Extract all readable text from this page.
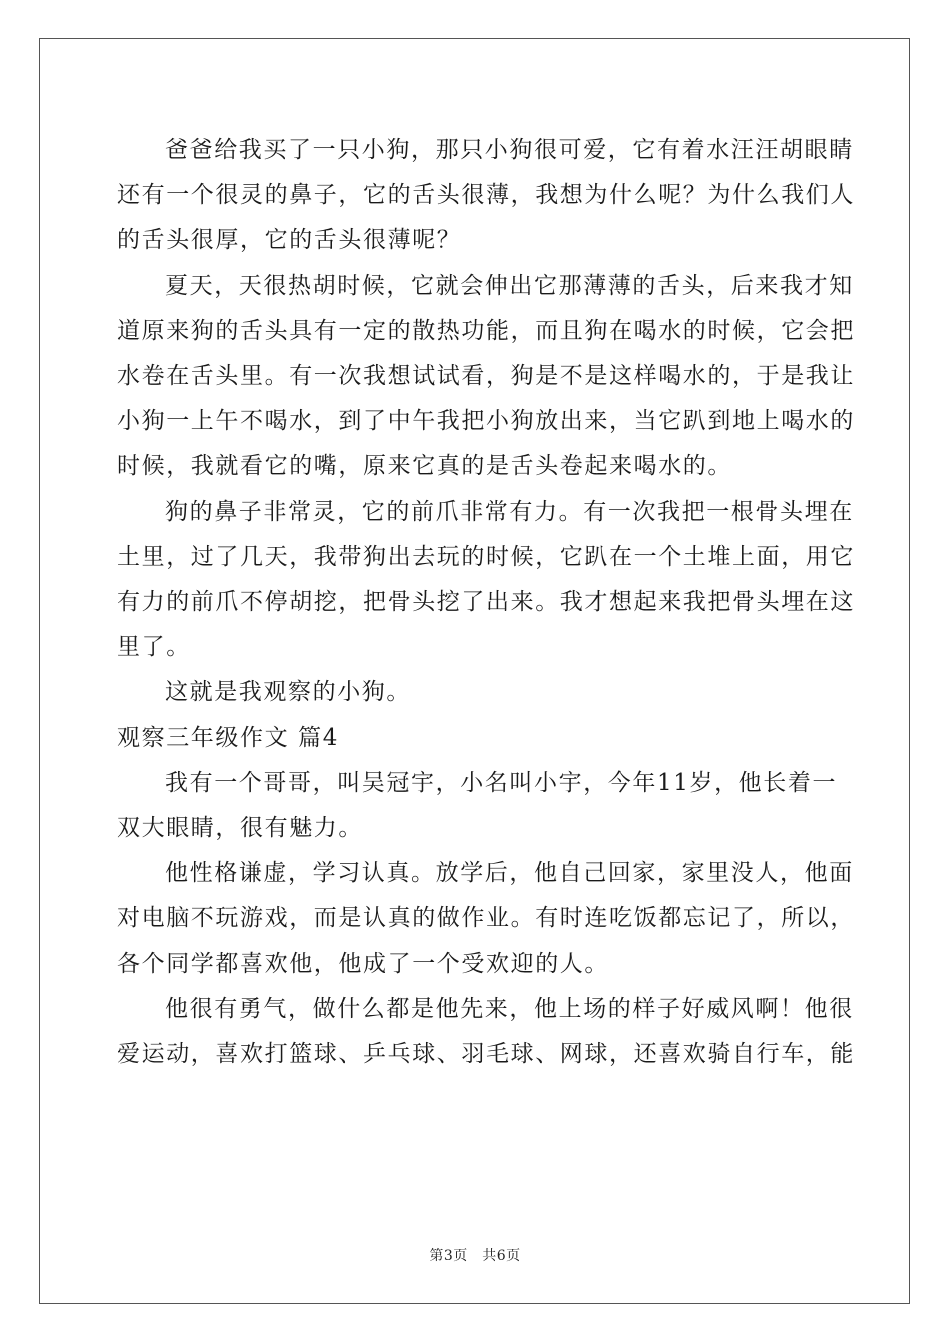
爸爸给我买了一只小狗，那只小狗很可爱，它有着水汪汪胡眼睛
还有一个很灵的鼻子，它的舌头很薄，我想为什么呢？为什么我们人
的舌头很厚，它的舌头很薄呢？

夏天，天很热胡时候，它就会伸出它那薄薄的舌头，后来我才知
道原来狗的舌头具有一定的散热功能，而且狗在喝水的时候，它会把
水卷在舌头里。有一次我想试试看，狗是不是这样喝水的，于是我让
小狗一上午不喝水，到了中午我把小狗放出来，当它趴到地上喝水的
时候，我就看它的嘴，原来它真的是舌头卷起来喝水的。

狗的鼻子非常灵，它的前爪非常有力。有一次我把一根骨头埋在
土里，过了几天，我带狗出去玩的时候，它趴在一个土堆上面，用它
有力的前爪不停胡挖，把骨头挖了出来。我才想起来我把骨头埋在这
里了。

这就是我观察的小狗。

观察三年级作文 篇4

我有一个哥哥，叫吴冠宇，小名叫小宇，今年11岁，他长着一
双大眼睛，很有魅力。

他性格谦虚，学习认真。放学后，他自己回家，家里没人，他面
对电脑不玩游戏，而是认真的做作业。有时连吃饭都忘记了，所以，
各个同学都喜欢他，他成了一个受欢迎的人。

他很有勇气，做什么都是他先来，他上场的样子好威风啊！他很
爱运动，喜欢打篮球、乒乓球、羽毛球、网球，还喜欢骑自行车，能

第3页　共6页
